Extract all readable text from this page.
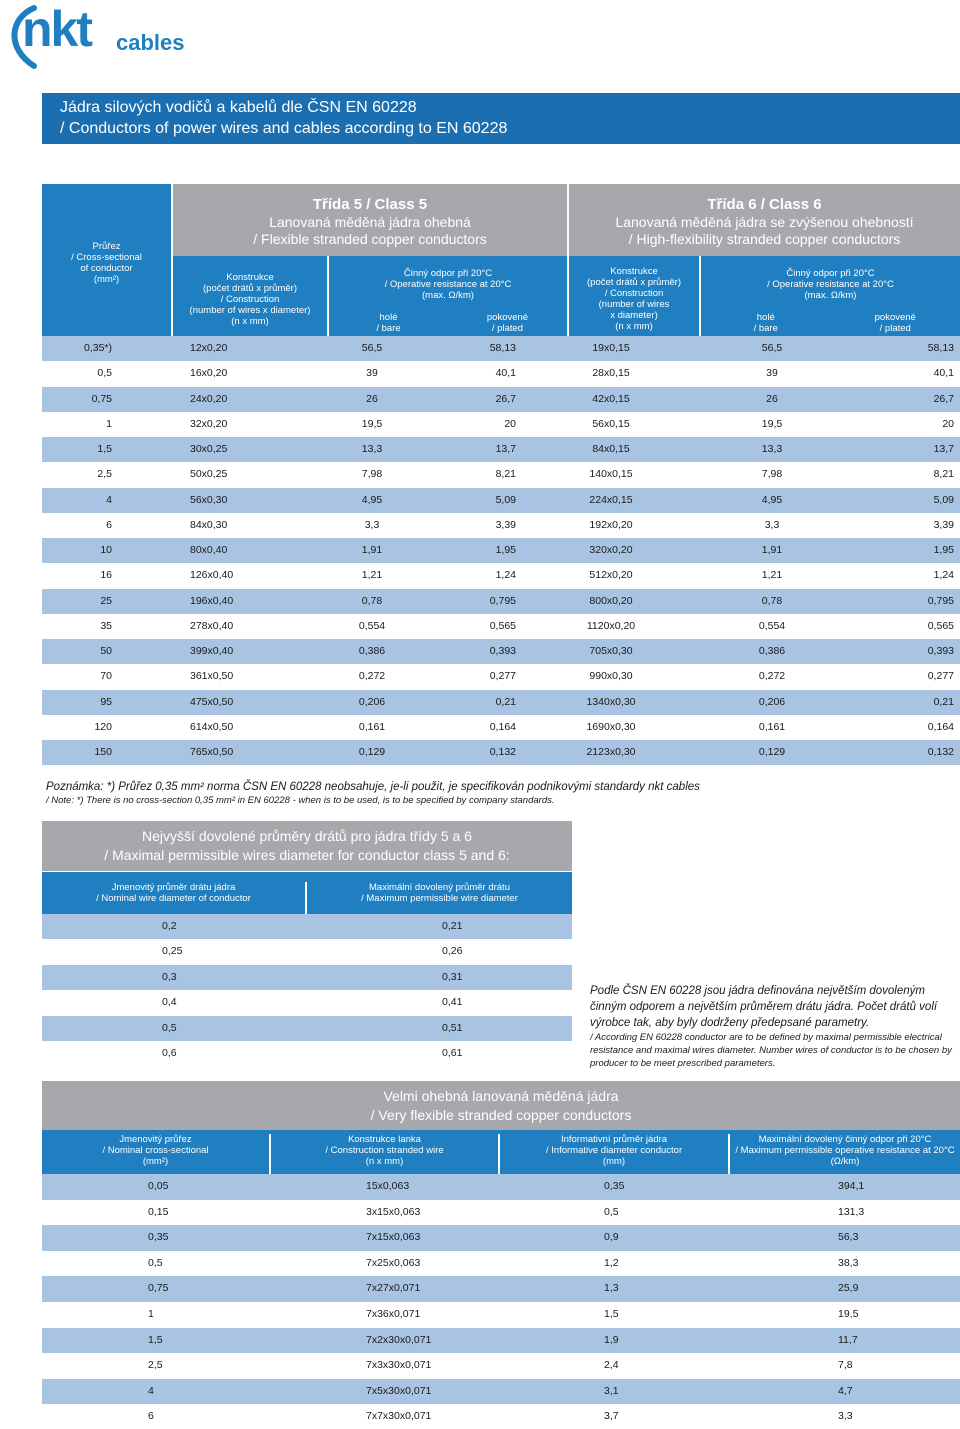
nkt cables
Jádra silových vodičů a kabelů dle ČSN EN 60228
/ Conductors of power wires and cables according to EN 60228
Průřez
/ Cross-sectional
of conductor
(mm²)
Třída 5 / Class 5
Lanovaná měděná jádra ohebná
/ Flexible stranded copper conductors
Třída 6 / Class 6
Lanovaná měděná jádra se zvýšenou ohebností
/ High-flexibility stranded copper conductors
Konstrukce
(počet drátů x průměr)
/ Construction
(number of wires x diameter)
(n x mm)
Činný odpor při 20°C
/ Operative resistance at 20°C
(max. Ω/km)
holé
/ bare
pokovené
/ plated
Konstrukce
(počet drátů x průměr)
/ Construction
(number of wires
x diameter)
(n x mm)
Činný odpor při 20°C
/ Operative resistance at 20°C
(max. Ω/km)
holé
/ bare
pokovené
/ plated
0,35*)	12x0,20	56,5	58,13	19x0,15	56,5	58,13
0,5	16x0,20	39	40,1	28x0,15	39	40,1
0,75	24x0,20	26	26,7	42x0,15	26	26,7
1	32x0,20	19,5	20	56x0,15	19,5	20
1,5	30x0,25	13,3	13,7	84x0,15	13,3	13,7
2,5	50x0,25	7,98	8,21	140x0,15	7,98	8,21
4	56x0,30	4,95	5,09	224x0,15	4,95	5,09
6	84x0,30	3,3	3,39	192x0,20	3,3	3,39
10	80x0,40	1,91	1,95	320x0,20	1,91	1,95
16	126x0,40	1,21	1,24	512x0,20	1,21	1,24
25	196x0,40	0,78	0,795	800x0,20	0,78	0,795
35	278x0,40	0,554	0,565	1120x0,20	0,554	0,565
50	399x0,40	0,386	0,393	705x0,30	0,386	0,393
70	361x0,50	0,272	0,277	990x0,30	0,272	0,277
95	475x0,50	0,206	0,21	1340x0,30	0,206	0,21
120	614x0,50	0,161	0,164	1690x0,30	0,161	0,164
150	765x0,50	0,129	0,132	2123x0,30	0,129	0,132
Poznámka: *) Průřez 0,35 mm² norma ČSN EN 60228 neobsahuje, je-li použit, je specifikován podnikovými standardy nkt cables
/ Note: *) There is no cross-section 0,35 mm² in EN 60228 - when is to be used, is to be specified by company standards.
Nejvyšší dovolené průměry drátů pro jádra třídy 5 a 6
/ Maximal permissible wires diameter for conductor class 5 and 6:
Jmenovitý průměr drátu jádra
/ Nominal wire diameter of conductor
Maximální dovolený průměr drátu
/ Maximum permissible wire diameter
0,2	0,21
0,25	0,26
0,3	0,31
0,4	0,41
0,5	0,51
0,6	0,61
Podle ČSN EN 60228 jsou jádra definována největším dovoleným činným odporem a největším průměrem drátu jádra. Počet drátů volí výrobce tak, aby byly dodrženy předepsané parametry.
/ According EN 60228 conductor are to be defined by maximal permissible electrical resistance and maximal wires diameter. Number wires of conductor is to be chosen by producer to be meet prescribed parameters.
Velmi ohebná lanovaná měděná jádra
/ Very flexible stranded copper conductors
Jmenovitý průřez
/ Nominal cross-sectional
(mm²)
Konstrukce lanka
/ Construction stranded wire
(n x mm)
Informativní průměr jádra
/ Informative diameter conductor
(mm)
Maximální dovolený činný odpor při 20°C
/ Maximum permissible operative resistance at 20°C
(Ω/km)
0,05	15x0,063	0,35	394,1
0,15	3x15x0,063	0,5	131,3
0,35	7x15x0,063	0,9	56,3
0,5	7x25x0,063	1,2	38,3
0,75	7x27x0,071	1,3	25,9
1	7x36x0,071	1,5	19,5
1,5	7x2x30x0,071	1,9	11,7
2,5	7x3x30x0,071	2,4	7,8
4	7x5x30x0,071	3,1	4,7
6	7x7x30x0,071	3,7	3,3
